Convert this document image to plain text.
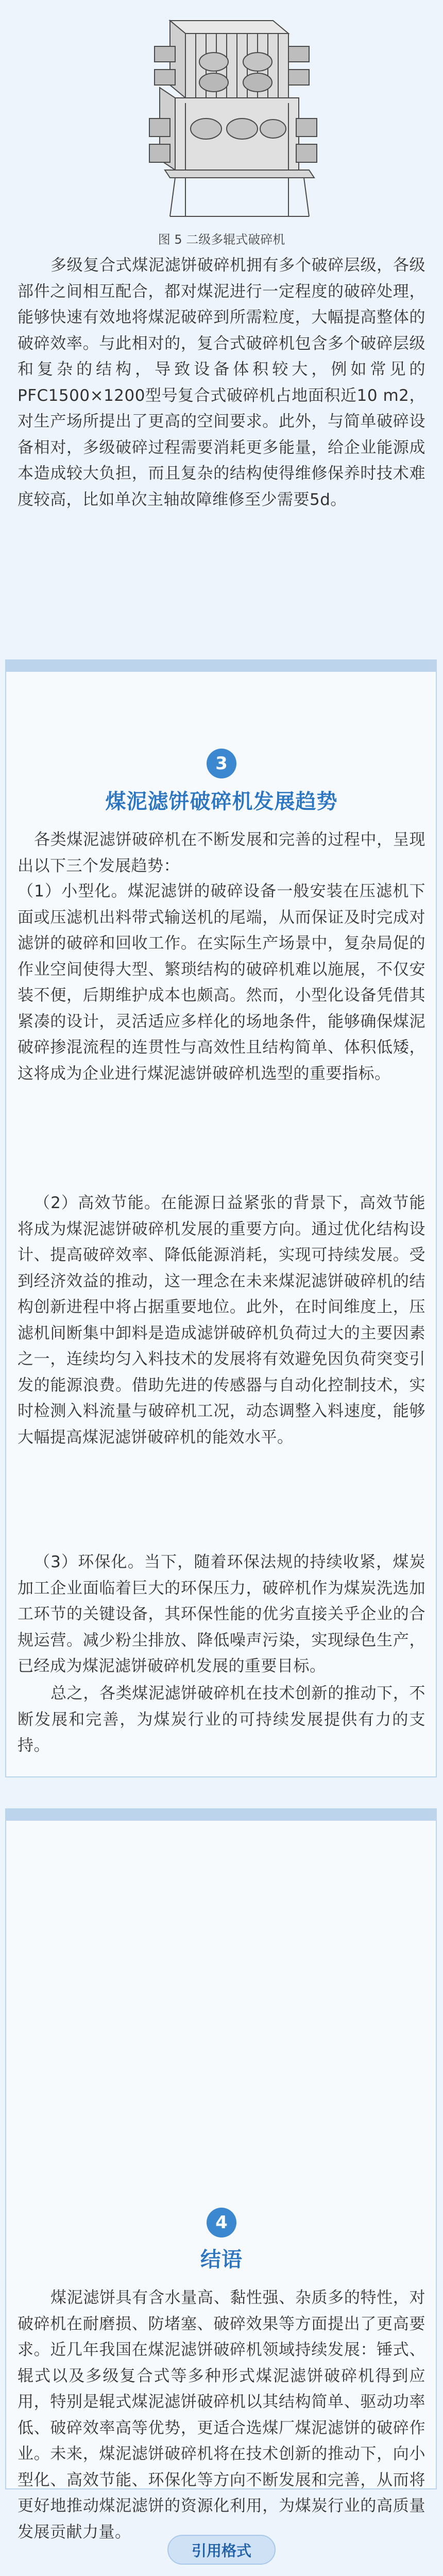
图 5 二级多辊式破碎机
多级复合式煤泥滤饼破碎机拥有多个破碎层级，各级部件之间相互配合，都对煤泥进行一定程度的破碎处理，能够快速有效地将煤泥破碎到所需粒度，大幅提高整体的破碎效率。与此相对的，复合式破碎机包含多个破碎层级和复杂的结构，导致设备体积较大，例如常见的PFC1500×1200型号复合式破碎机占地面积近10 m2，对生产场所提出了更高的空间要求。此外，与简单破碎设备相对，多级破碎过程需要消耗更多能量，给企业能源成本造成较大负担，而且复杂的结构使得维修保养时技术难度较高，比如单次主轴故障维修至少需要5d。
3
煤泥滤饼破碎机发展趋势
各类煤泥滤饼破碎机在不断发展和完善的过程中，呈现出以下三个发展趋势：
（1）小型化。煤泥滤饼的破碎设备一般安装在压滤机下面或压滤机出料带式输送机的尾端，从而保证及时完成对滤饼的破碎和回收工作。在实际生产场景中，复杂局促的作业空间使得大型、繁琐结构的破碎机难以施展，不仅安装不便，后期维护成本也颇高。然而，小型化设备凭借其紧凑的设计，灵活适应多样化的场地条件，能够确保煤泥破碎掺混流程的连贯性与高效性且结构简单、体积低矮，这将成为企业进行煤泥滤饼破碎机选型的重要指标。
（2）高效节能。在能源日益紧张的背景下，高效节能将成为煤泥滤饼破碎机发展的重要方向。通过优化结构设计、提高破碎效率、降低能源消耗，实现可持续发展。受到经济效益的推动，这一理念在未来煤泥滤饼破碎机的结构创新进程中将占据重要地位。此外，在时间维度上，压滤机间断集中卸料是造成滤饼破碎机负荷过大的主要因素之一，连续均匀入料技术的发展将有效避免因负荷突变引发的能源浪费。借助先进的传感器与自动化控制技术，实时检测入料流量与破碎机工况，动态调整入料速度，能够大幅提高煤泥滤饼破碎机的能效水平。
（3）环保化。当下，随着环保法规的持续收紧，煤炭加工企业面临着巨大的环保压力，破碎机作为煤炭洗选加工环节的关键设备，其环保性能的优劣直接关乎企业的合规运营。减少粉尘排放、降低噪声污染，实现绿色生产，已经成为煤泥滤饼破碎机发展的重要目标。
总之，各类煤泥滤饼破碎机在技术创新的推动下，不断发展和完善，为煤炭行业的可持续发展提供有力的支持。
4
结语
煤泥滤饼具有含水量高、黏性强、杂质多的特性，对破碎机在耐磨损、防堵塞、破碎效果等方面提出了更高要求。近几年我国在煤泥滤饼破碎机领域持续发展：锤式、辊式以及多级复合式等多种形式煤泥滤饼破碎机得到应用，特别是辊式煤泥滤饼破碎机以其结构简单、驱动功率低、破碎效率高等优势，更适合选煤厂煤泥滤饼的破碎作业。未来，煤泥滤饼破碎机将在技术创新的推动下，向小型化、高效节能、环保化等方向不断发展和完善，从而将更好地推动煤泥滤饼的资源化利用，为煤炭行业的高质量发展贡献力量。
引用格式
